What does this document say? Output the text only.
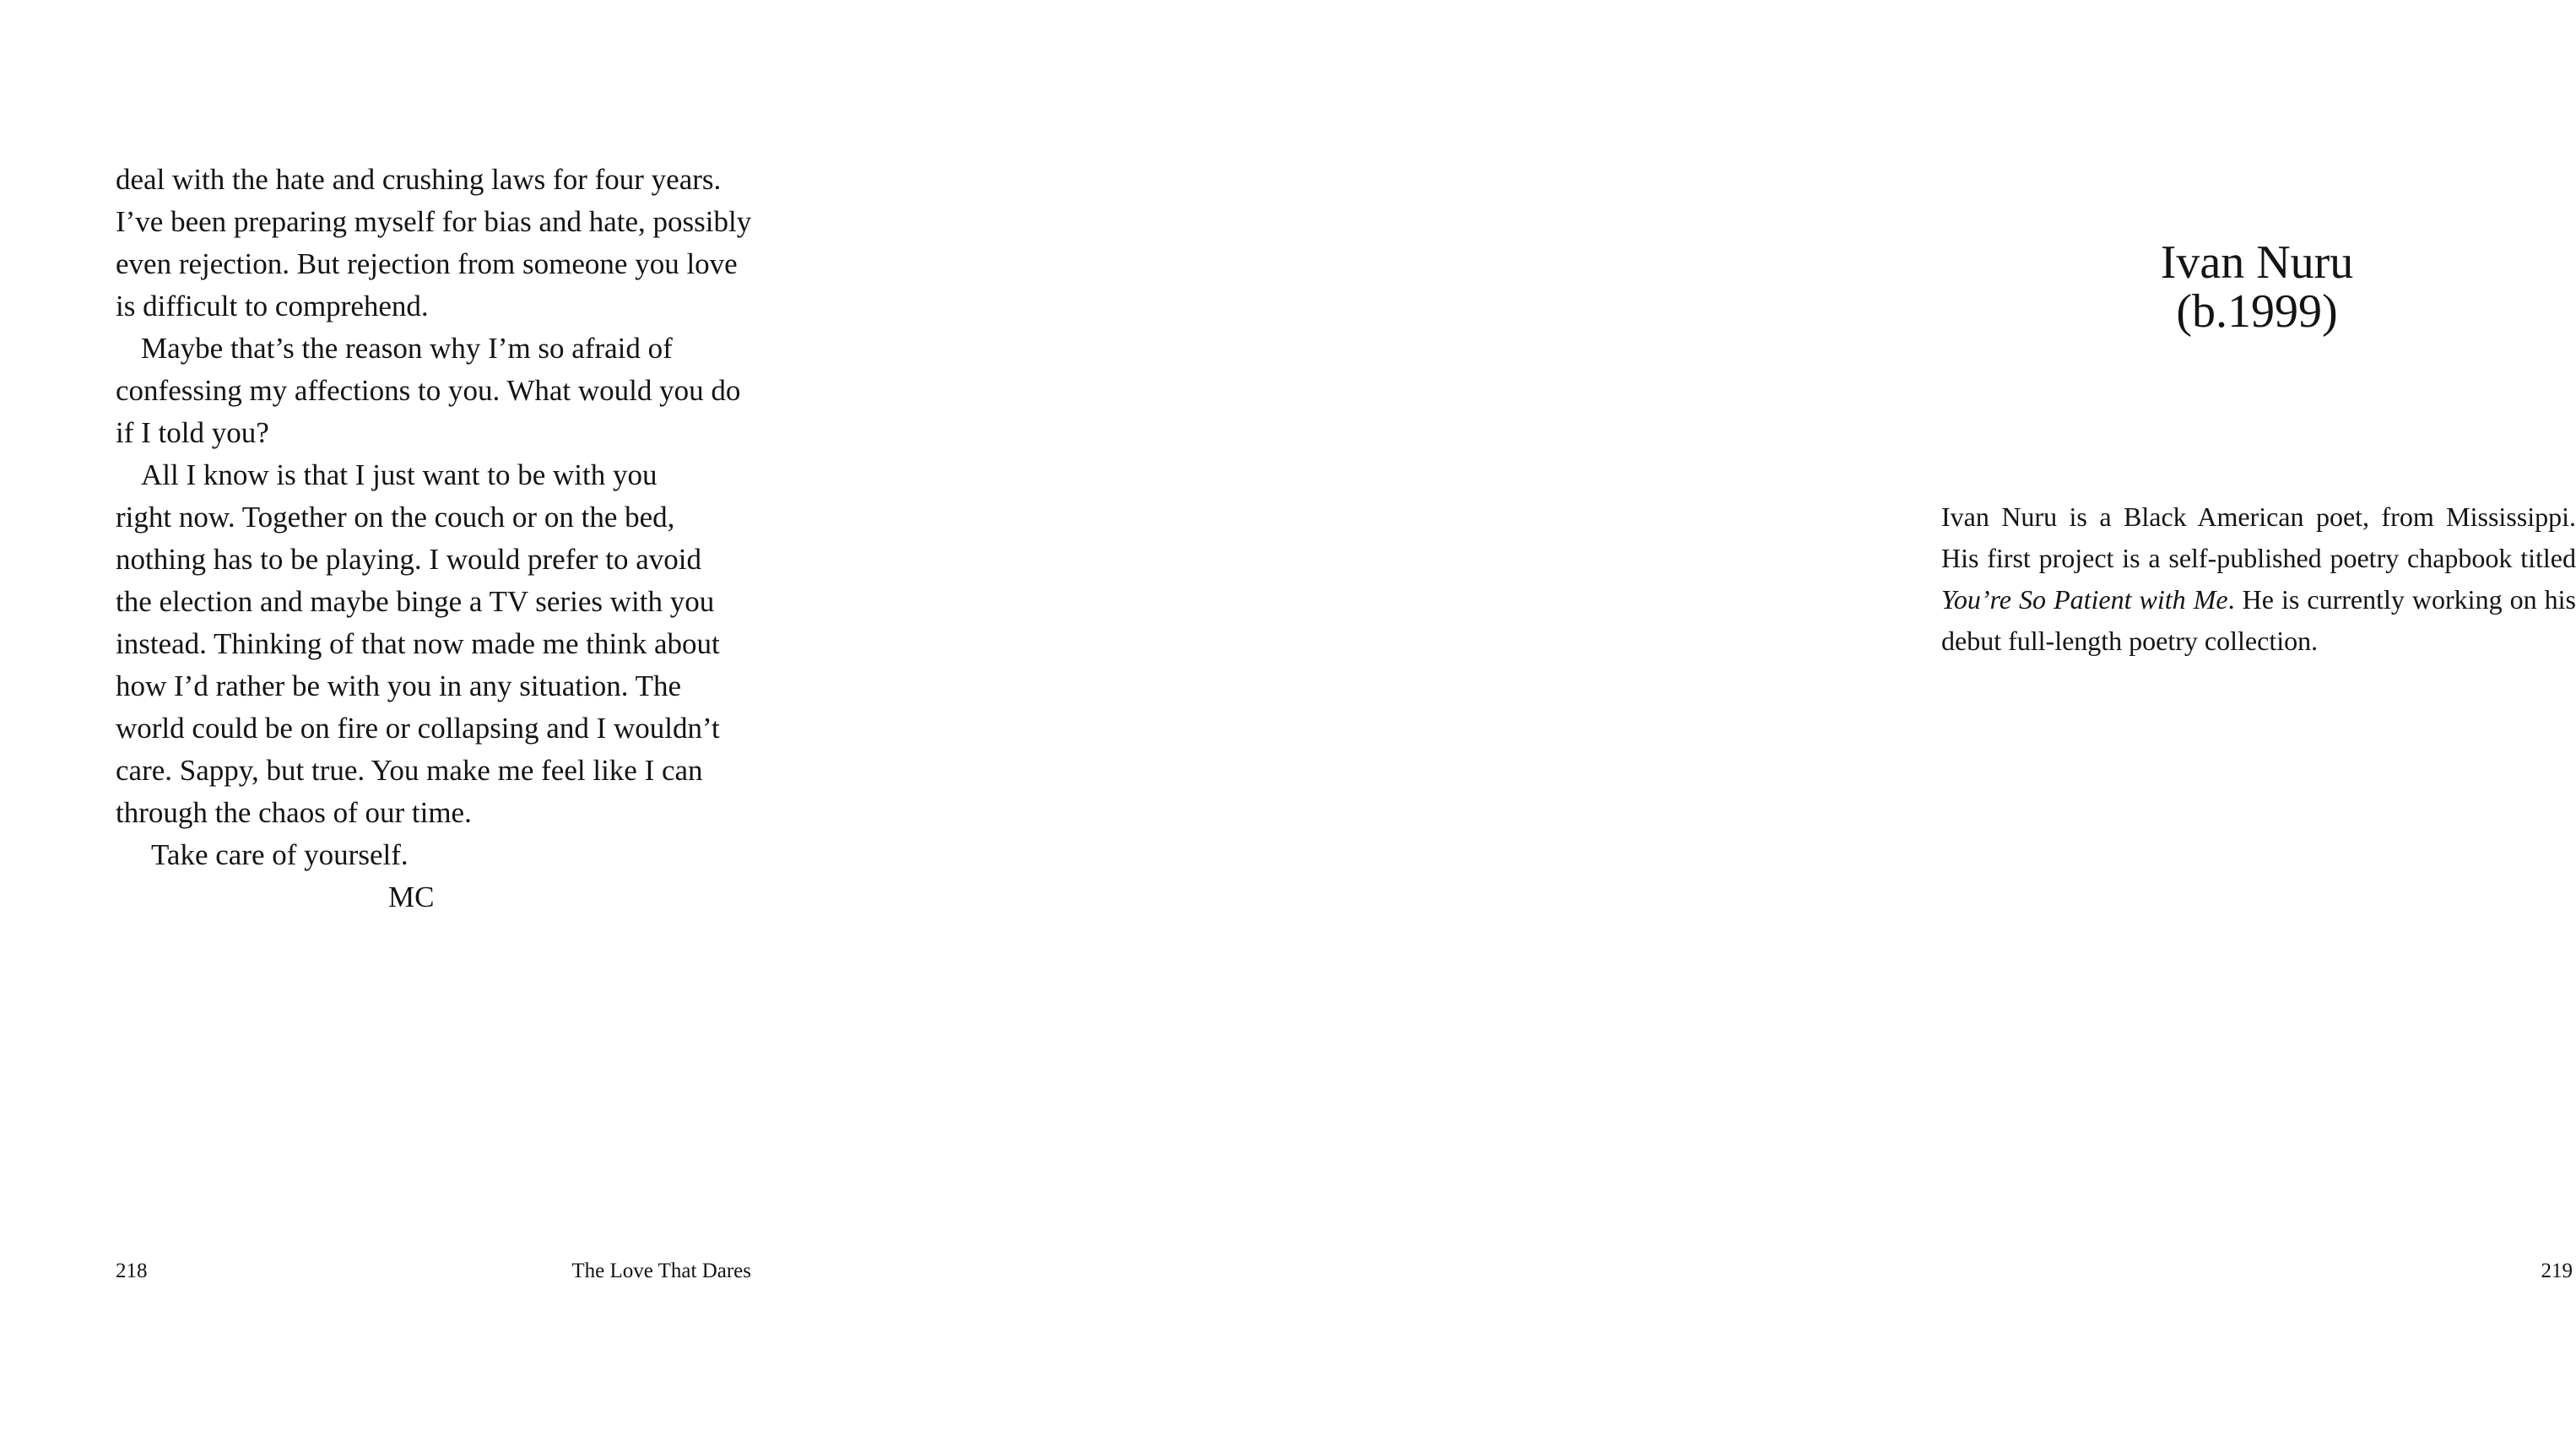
deal with the hate and crushing laws for four years.
I’ve been preparing myself for bias and hate, possibly
even rejection. But rejection from someone you love
is difficult to comprehend.

Maybe that’s the reason why I’m so afraid of
confessing my affections to you. What would you do
if I told you?

All I know is that I just want to be with you
right now. Together on the couch or on the bed,
nothing has to be playing. I would prefer to avoid
the election and maybe binge a TV series with you
instead. Thinking of that now made me think about
how I’d rather be with you in any situation. The
world could be on fire or collapsing and I wouldn’t
care. Sappy, but true. You make me feel like I can
through the chaos of our time.

Take care of yourself.

MC
218	The Love That Dares
Ivan Nuru
(b.1999)
Ivan Nuru is a Black American poet, from Mississippi.
His first project is a self-published poetry chapbook titled
You’re So Patient with Me. He is currently working on his
debut full-length poetry collection.
219
